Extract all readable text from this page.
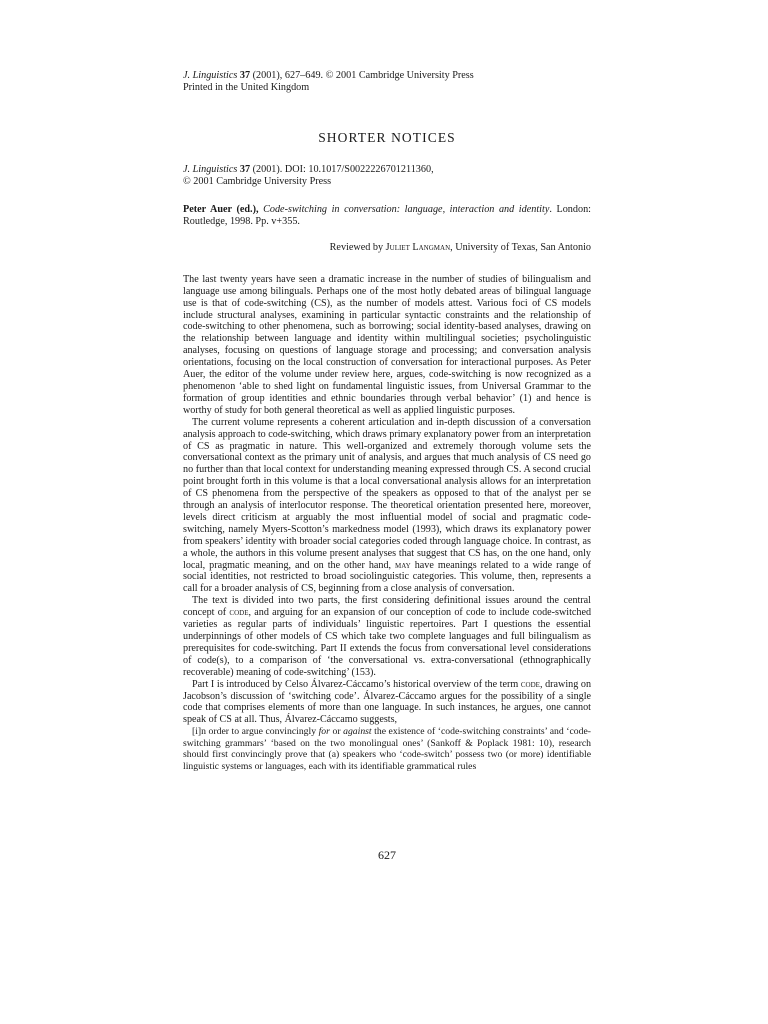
J. Linguistics 37 (2001), 627–649. © 2001 Cambridge University Press
Printed in the United Kingdom
SHORTER NOTICES
J. Linguistics 37 (2001). DOI: 10.1017/S0022226701211360,
© 2001 Cambridge University Press
Peter Auer (ed.), Code-switching in conversation: language, interaction and identity. London: Routledge, 1998. Pp. v+355.
Reviewed by Juliet Langman, University of Texas, San Antonio

The last twenty years have seen a dramatic increase in the number of studies of bilingualism and language use among bilinguals. Perhaps one of the most hotly debated areas of bilingual language use is that of code-switching (CS), as the number of models attest. Various foci of CS models include structural analyses, examining in particular syntactic constraints and the relationship of code-switching to other phenomena, such as borrowing; social identity-based analyses, drawing on the relationship between language and identity within multilingual societies; psycholinguistic analyses, focusing on questions of language storage and processing; and conversation analysis orientations, focusing on the local construction of conversation for interactional purposes. As Peter Auer, the editor of the volume under review here, argues, code-switching is now recognized as a phenomenon ‘able to shed light on fundamental linguistic issues, from Universal Grammar to the formation of group identities and ethnic boundaries through verbal behavior’ (1) and hence is worthy of study for both general theoretical as well as applied linguistic purposes.

The current volume represents a coherent articulation and in-depth discussion of a conversation analysis approach to code-switching, which draws primary explanatory power from an interpretation of CS as pragmatic in nature. This well-organized and extremely thorough volume sets the conversational context as the primary unit of analysis, and argues that much analysis of CS need go no further than that local context for understanding meaning expressed through CS. A second crucial point brought forth in this volume is that a local conversational analysis allows for an interpretation of CS phenomena from the perspective of the speakers as opposed to that of the analyst per se through an analysis of interlocutor response. The theoretical orientation presented here, moreover, levels direct criticism at arguably the most influential model of social and pragmatic code-switching, namely Myers-Scotton’s markedness model (1993), which draws its explanatory power from speakers’ identity with broader social categories coded through language choice. In contrast, as a whole, the authors in this volume present analyses that suggest that CS has, on the one hand, only local, pragmatic meaning, and on the other hand, may have meanings related to a wide range of social identities, not restricted to broad sociolinguistic categories. This volume, then, represents a call for a broader analysis of CS, beginning from a close analysis of conversation.

The text is divided into two parts, the first considering definitional issues around the central concept of code, and arguing for an expansion of our conception of code to include code-switched varieties as regular parts of individuals’ linguistic repertoires. Part I questions the essential underpinnings of other models of CS which take two complete languages and full bilingualism as prerequisites for code-switching. Part II extends the focus from conversational level considerations of code(s), to a comparison of ‘the conversational vs. extra-conversational (ethnographically recoverable) meaning of code-switching’ (153).

Part I is introduced by Celso Álvarez-Cáccamo’s historical overview of the term code, drawing on Jacobson’s discussion of ‘switching code’. Álvarez-Cáccamo argues for the possibility of a single code that comprises elements of more than one language. In such instances, he argues, one cannot speak of CS at all. Thus, Álvarez-Cáccamo suggests,

[i]n order to argue convincingly for or against the existence of ‘code-switching constraints’ and ‘code-switching grammars’ ‘based on the two monolingual ones’ (Sankoff & Poplack 1981: 10), research should first convincingly prove that (a) speakers who ‘code-switch’ possess two (or more) identifiable linguistic systems or languages, each with its identifiable grammatical rules

627
